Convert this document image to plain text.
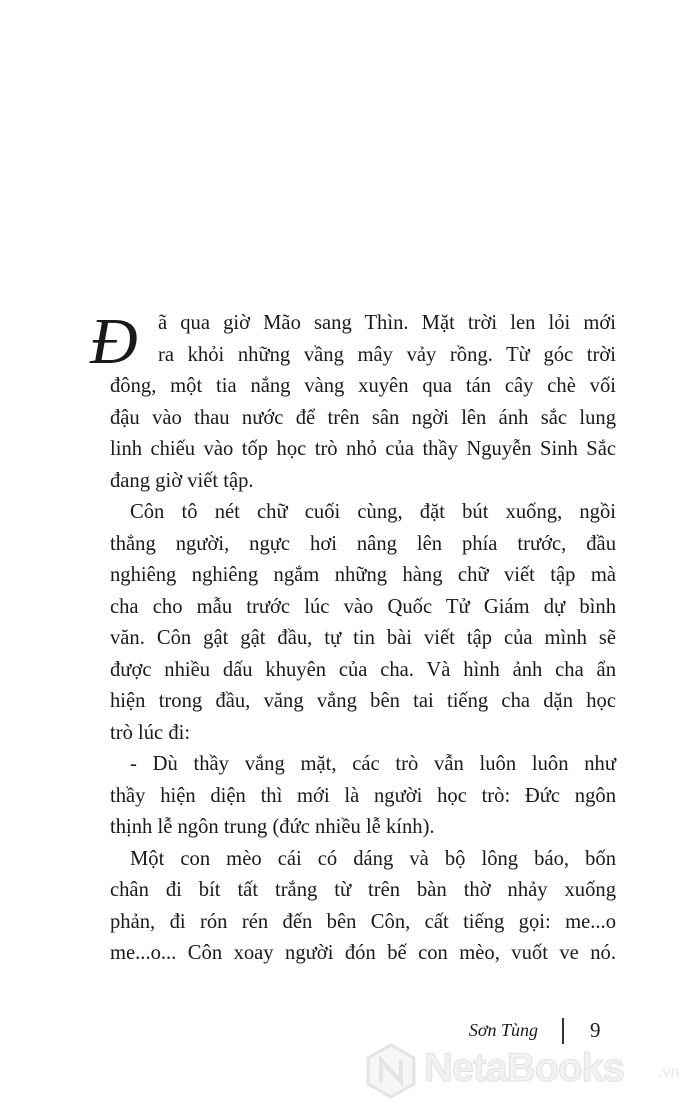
Đ ã qua giờ Mão sang Thìn. Mặt trời len lỏi mới
ra khỏi những vầng mây vảy rồng. Từ góc trời
đông, một tia nắng vàng xuyên qua tán cây chè vối
đậu vào thau nước để trên sân ngời lên ánh sắc lung
linh chiếu vào tốp học trò nhỏ của thầy Nguyễn Sinh Sắc
đang giờ viết tập.
Côn tô nét chữ cuối cùng, đặt bút xuống, ngồi
thẳng người, ngực hơi nâng lên phía trước, đầu
nghiêng nghiêng ngắm những hàng chữ viết tập mà
cha cho mẫu trước lúc vào Quốc Tử Giám dự bình
văn. Côn gật gật đầu, tự tin bài viết tập của mình sẽ
được nhiều dấu khuyên của cha. Và hình ảnh cha ẩn
hiện trong đầu, văng vẳng bên tai tiếng cha dặn học
trò lúc đi:
- Dù thầy vắng mặt, các trò vẫn luôn luôn như
thầy hiện diện thì mới là người học trò: Đức ngôn
thịnh lễ ngôn trung (đức nhiều lễ kính).
Một con mèo cái có dáng và bộ lông báo, bốn
chân đi bít tất trắng từ trên bàn thờ nhảy xuống
phản, đi rón rén đến bên Côn, cất tiếng gọi: me...o
me...o... Côn xoay người đón bế con mèo, vuốt ve nó.
Sơn Tùng 9
NetaBooks .vn
